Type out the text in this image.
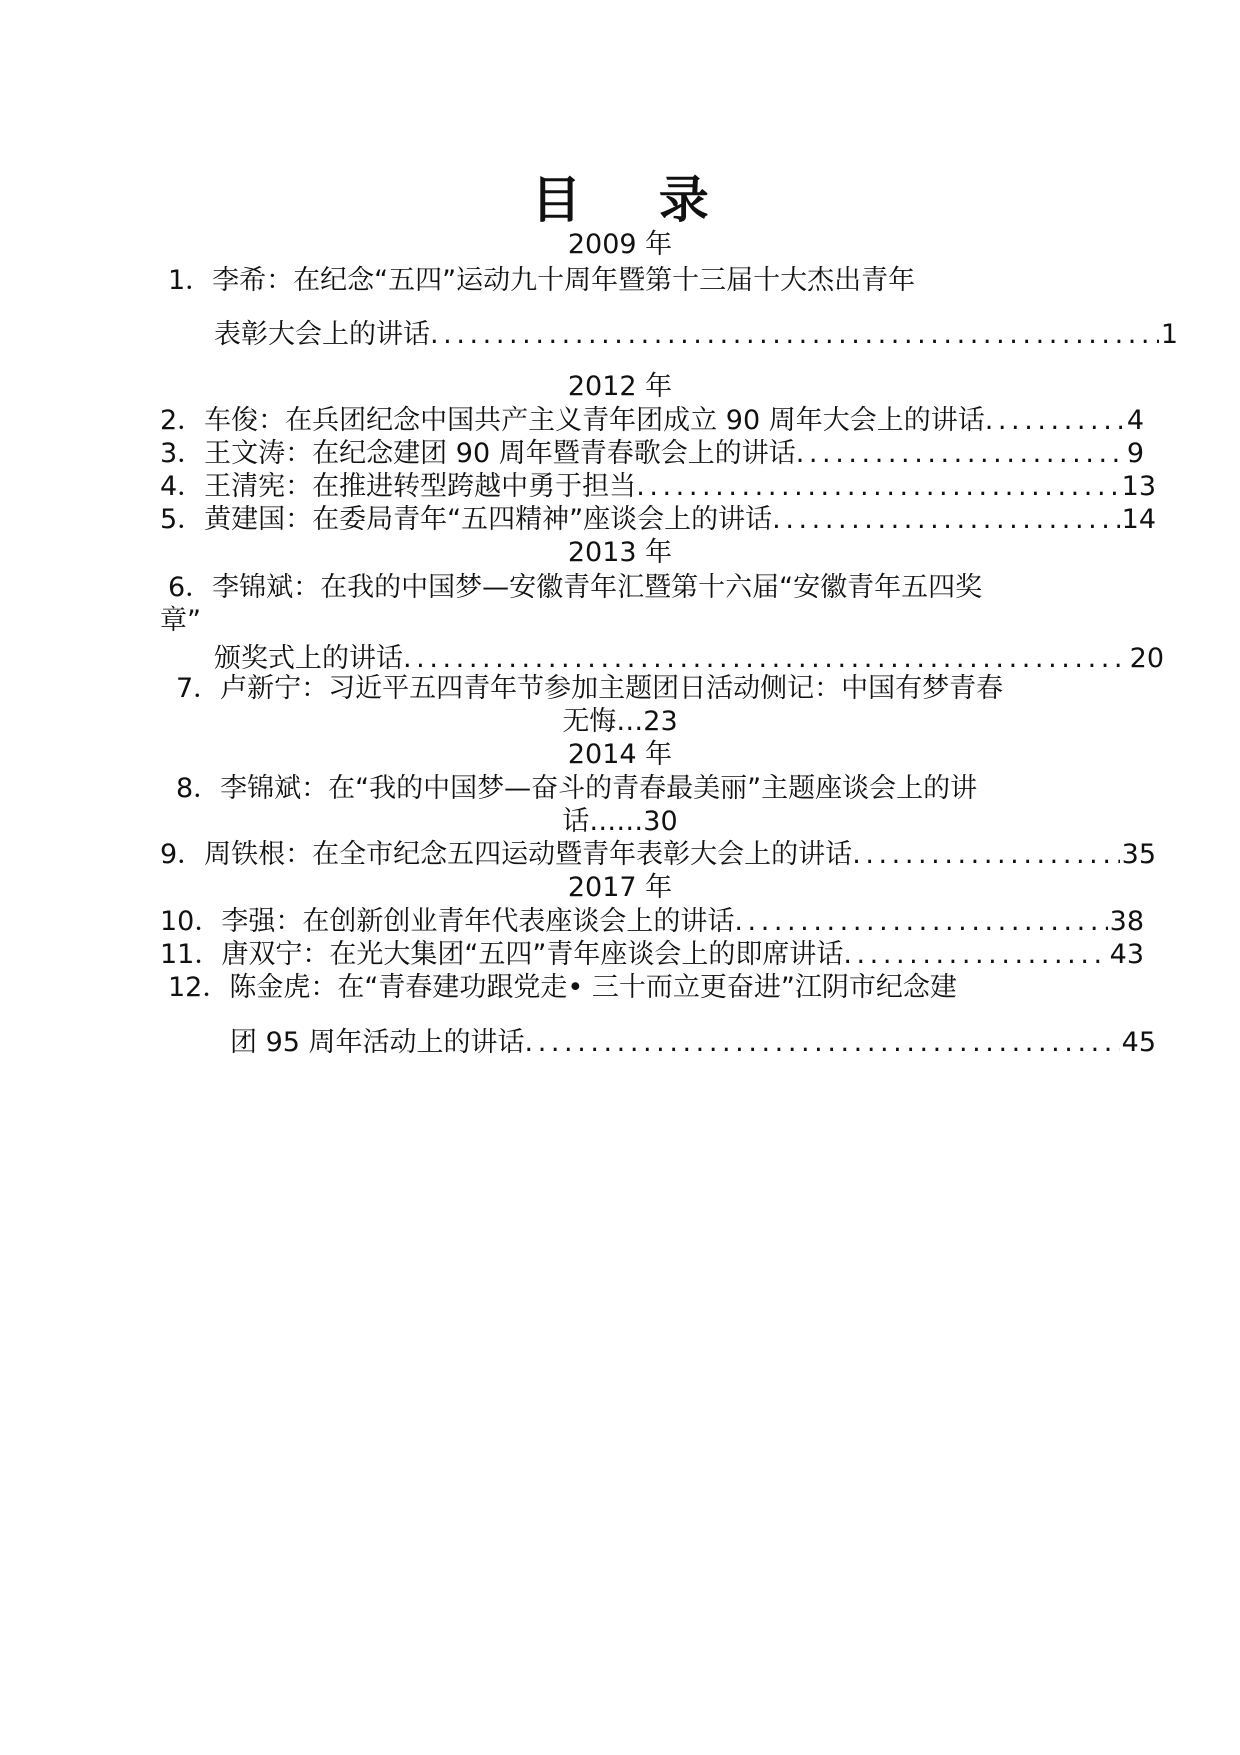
目 录
2009 年
1．李希：在纪念“五四”运动九十周年暨第十三届十大杰出青年
表彰大会上的讲话 . . .	1
2012 年
2．车俊：在兵团纪念中国共产主义青年团成立 90 周年大会上的讲话 . . .	4
3．王文涛：在纪念建团 90 周年暨青春歌会上的讲话 . . .	9
4．王清宪：在推进转型跨越中勇于担当 . . .	13
5．黄建国：在委局青年“五四精神”座谈会上的讲话 . . .	14
2013 年
6．李锦斌：在我的中国梦—安徽青年汇暨第十六届“安徽青年五四奖
章”
颁奖式上的讲话 . . .	20
7．卢新宁：习近平五四青年节参加主题团日活动侧记：中国有梦青春
无悔…23
2014 年
8．李锦斌：在“我的中国梦—奋斗的青春最美丽”主题座谈会上的讲
话……30
9．周铁根：在全市纪念五四运动暨青年表彰大会上的讲话 . . .	35
2017 年
10．李强：在创新创业青年代表座谈会上的讲话 . . .	38
11．唐双宁：在光大集团“五四”青年座谈会上的即席讲话 . . .	43
12．陈金虎：在“青春建功跟党走• 三十而立更奋进”江阴市纪念建
团 95 周年活动上的讲话 . . .	45
